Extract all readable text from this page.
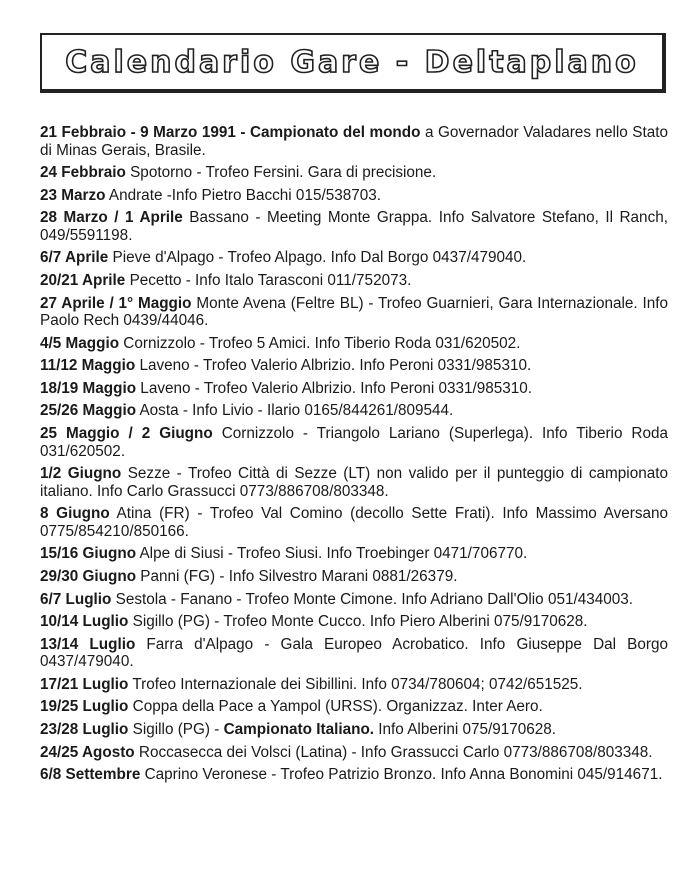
Calendario Gare - Deltaplano

21 Febbraio - 9 Marzo 1991 - Campionato del mondo a Governador Valadares nello Stato di Minas Gerais, Brasile.

24 Febbraio Spotorno - Trofeo Fersini. Gara di precisione.

23 Marzo Andrate -Info Pietro Bacchi 015/538703.

28 Marzo / 1 Aprile Bassano - Meeting Monte Grappa. Info Salvatore Stefano, Il Ranch, 049/5591198.

6/7 Aprile Pieve d'Alpago - Trofeo Alpago. Info Dal Borgo 0437/479040.

20/21 Aprile Pecetto - Info Italo Tarasconi 011/752073.

27 Aprile / 1° Maggio Monte Avena (Feltre BL) - Trofeo Guarnieri, Gara Internazionale. Info Paolo Rech 0439/44046.

4/5 Maggio Cornizzolo - Trofeo 5 Amici. Info Tiberio Roda 031/620502.

11/12 Maggio Laveno - Trofeo Valerio Albrizio. Info Peroni 0331/985310.

18/19 Maggio Laveno - Trofeo Valerio Albrizio. Info Peroni 0331/985310.

25/26 Maggio Aosta - Info Livio - Ilario 0165/844261/809544.

25 Maggio / 2 Giugno Cornizzolo - Triangolo Lariano (Superlega). Info Tiberio Roda 031/620502.

1/2 Giugno Sezze - Trofeo Città di Sezze (LT) non valido per il punteggio di campionato italiano. Info Carlo Grassucci 0773/886708/803348.

8 Giugno Atina (FR) - Trofeo Val Comino (decollo Sette Frati). Info Massimo Aversano 0775/854210/850166.

15/16 Giugno Alpe di Siusi - Trofeo Siusi. Info Troebinger 0471/706770.

29/30 Giugno Panni (FG) - Info Silvestro Marani 0881/26379.

6/7 Luglio Sestola - Fanano - Trofeo Monte Cimone. Info Adriano Dall'Olio 051/434003.

10/14 Luglio Sigillo (PG) - Trofeo Monte Cucco. Info Piero Alberini 075/9170628.

13/14 Luglio Farra d'Alpago - Gala Europeo Acrobatico. Info Giuseppe Dal Borgo 0437/479040.

17/21 Luglio Trofeo Internazionale dei Sibillini. Info 0734/780604; 0742/651525.

19/25 Luglio Coppa della Pace a Yampol (URSS). Organizzaz. Inter Aero.

23/28 Luglio Sigillo (PG) - Campionato Italiano. Info Alberini 075/9170628.

24/25 Agosto Roccasecca dei Volsci (Latina) - Info Grassucci Carlo 0773/886708/803348.

6/8 Settembre Caprino Veronese - Trofeo Patrizio Bronzo. Info Anna Bonomini 045/914671.
